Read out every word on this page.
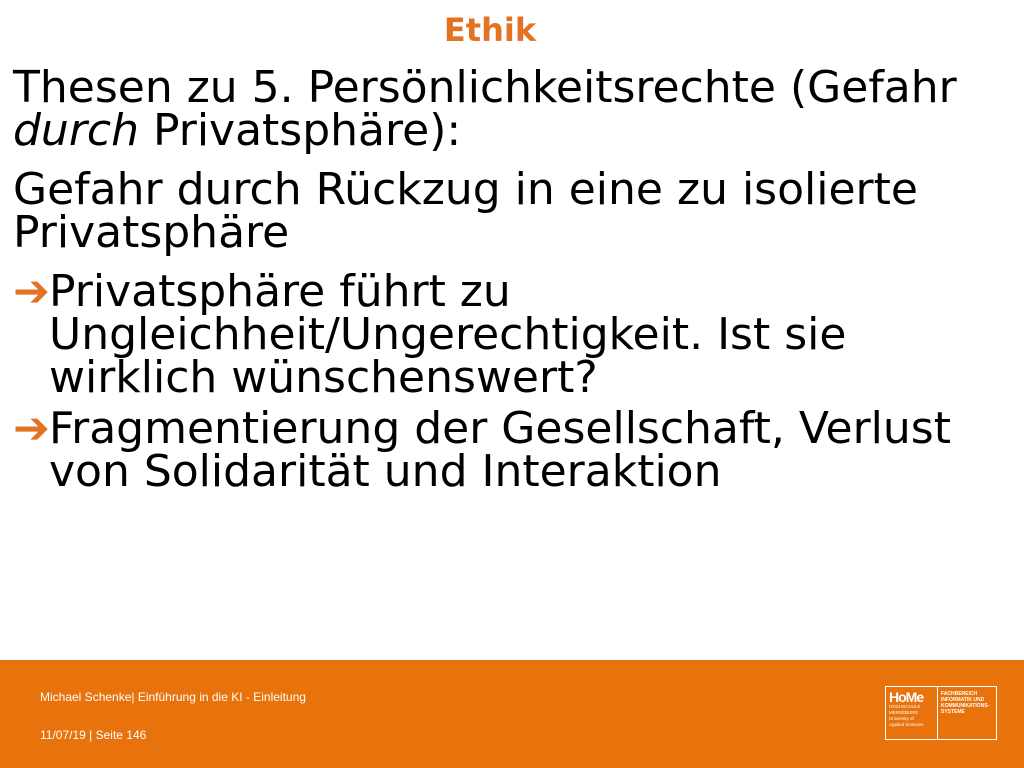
Ethik

Thesen zu 5. Persönlichkeitsrechte (Gefahr durch Privatsphäre):

Gefahr durch Rückzug in eine zu isolierte Privatsphäre

➔ Privatsphäre führt zu Ungleichheit/Ungerechtigkeit. Ist sie wirklich wünschenswert?
➔ Fragmentierung der Gesellschaft, Verlust von Solidarität und Interaktion
Michael Schenke| Einführung in die KI - Einleitung
11/07/19 | Seite 146
HoMe
HOCHSCHULE
MERSEBURG
University of
Applied Sciences
FACHBEREICH
INFORMATIK UND
KOMMUNIKATIONS-
SYSTEME
